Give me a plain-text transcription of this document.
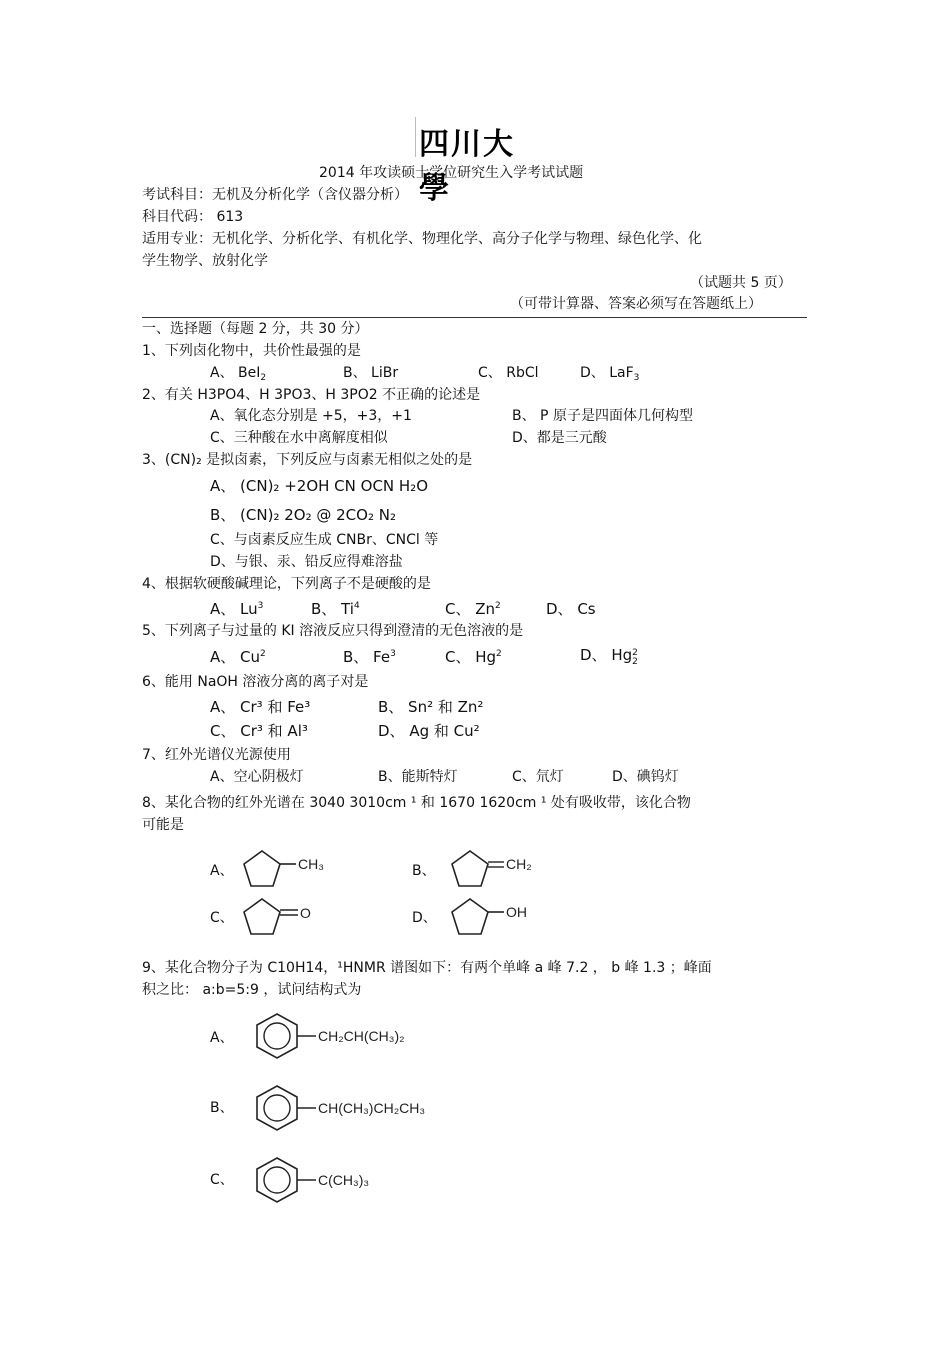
四川大學
2014 年攻读硕士学位研究生入学考试试题
考试科目：无机及分析化学（含仪器分析）
科目代码： 613
适用专业：无机化学、分析化学、有机化学、物理化学、高分子化学与物理、绿色化学、化
学生物学、放射化学
（试题共 5 页）
（可带计算器、答案必须写在答题纸上）
一、选择题（每题 2 分，共 30 分）
1、下列卤化物中，共价性最强的是
A、 BeI$_2$	B、 LiBr	C、 RbCl	D、 LaF$_3$
2、有关 H3PO4、H 3PO3、H 3PO2 不正确的论述是
A、氧化态分别是 +5，+3，+1	B、 P 原子是四面体几何构型
C、三种酸在水中离解度相似	D、都是三元酸
3、(CN)₂ 是拟卤素，下列反应与卤素无相似之处的是
A、 (CN)₂ +2OH CN OCN H₂O
B、 (CN)₂ 2O₂ @ 2CO₂ N₂
C、与卤素反应生成 CNBr、CNCl 等
D、与银、汞、铅反应得难溶盐
4、根据软硬酸碱理论，下列离子不是硬酸的是
A、 Lu$^3$	B、 Ti$^4$	C、 Zn$^2$	D、 Cs
5、下列离子与过量的 KI 溶液反应只得到澄清的无色溶液的是
A、 Cu$^2$	B、 Fe$^3$	C、 Hg$^2$	D、 Hg 2
2
6、能用 NaOH 溶液分离的离子对是
A、 Cr³ 和 Fe³	B、 Sn² 和 Zn²
C、 Cr³ 和 Al³	D、 Ag 和 Cu²
7、红外光谱仪光源使用
A、空心阴极灯	B、能斯特灯	C、氘灯	D、碘钨灯
8、某化合物的红外光谱在 3040 3010cm ¹ 和 1670 1620cm ¹ 处有吸收带，该化合物
可能是
A、	CH₃	B、	CH₂
C、	O	D、	OH
9、某化合物分子为 C10H14，¹HNMR 谱图如下：有两个单峰 a 峰 7.2 ， b 峰 1.3 ；峰面
积之比： a:b=5:9 ，试问结构式为
A、	CH₂CH(CH₃)₂
B、	CH(CH₃)CH₂CH₃
C、	C(CH₃)₃
